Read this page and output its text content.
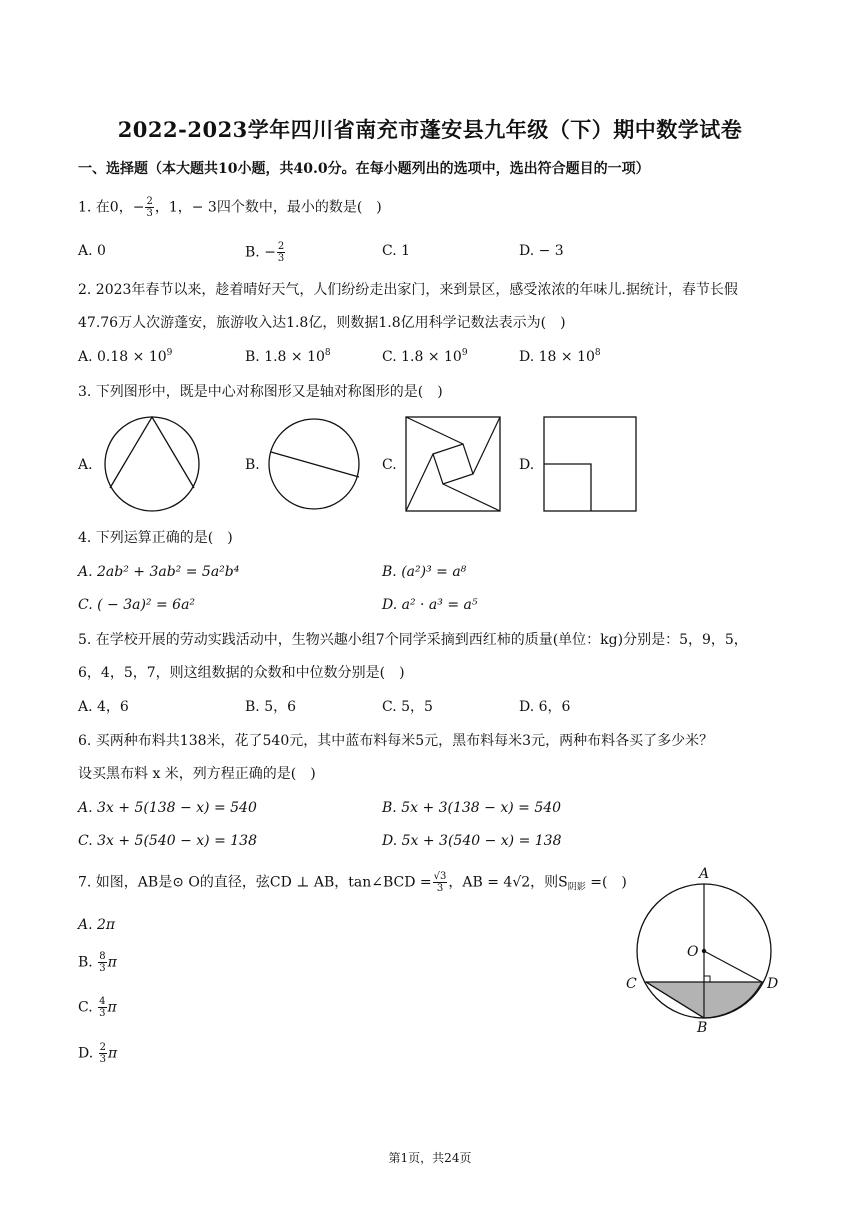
2022-2023学年四川省南充市蓬安县九年级（下）期中数学试卷
一、选择题（本大题共10小题，共40.0分。在每小题列出的选项中，选出符合题目的一项）
1. 在0，− $\frac{2}{3}$ ，1，− 3四个数中，最小的数是(　)
A. 0	B. − $\frac{2}{3}$	C. 1	D. − 3
2. 2023年春节以来，趁着晴好天气，人们纷纷走出家门，来到景区，感受浓浓的年味儿.据统计，春节长假
47.76万人次游蓬安，旅游收入达1.8亿，则数据1.8亿用科学记数法表示为(　)
A. $0.18 \times 10^9$	B. $1.8 \times 10^8$	C. $1.8 \times 10^9$	D. $18 \times 10^8$
3. 下列图形中，既是中心对称图形又是轴对称图形的是(　)
A.	B.	C.	D.
4. 下列运算正确的是(　)
A. 2ab² + 3ab² = 5a²b⁴	B. (a²)³ = a⁸
C. ( − 3a)² = 6a²	D. a² · a³ = a⁵
5. 在学校开展的劳动实践活动中，生物兴趣小组7个同学采摘到西红柿的质量(单位：kg)分别是：5，9，5，
6，4，5，7，则这组数据的众数和中位数分别是(　)
A. 4，6	B. 5，6	C. 5，5	D. 6，6
6. 买两种布料共138米，花了540元，其中蓝布料每米5元，黑布料每米3元，两种布料各买了多少米？
设买黑布料 x 米，列方程正确的是(　)
A. 3x + 5(138 − x) = 540	B. 5x + 3(138 − x) = 540
C. 3x + 5(540 − x) = 138	D. 5x + 3(540 − x) = 138
7. 如图，AB是⊙ O的直径，弦CD ⊥ AB，tan∠BCD = $\frac{√3}{3}$ ，AB = 4√2，则$S_{阴影}$ =(　)
A. 2π
B. $\frac{8}{3}$ π
C. $\frac{4}{3}$ π
D. $\frac{2}{3}$ π
A
O
C	D
B
第1页，共24页
